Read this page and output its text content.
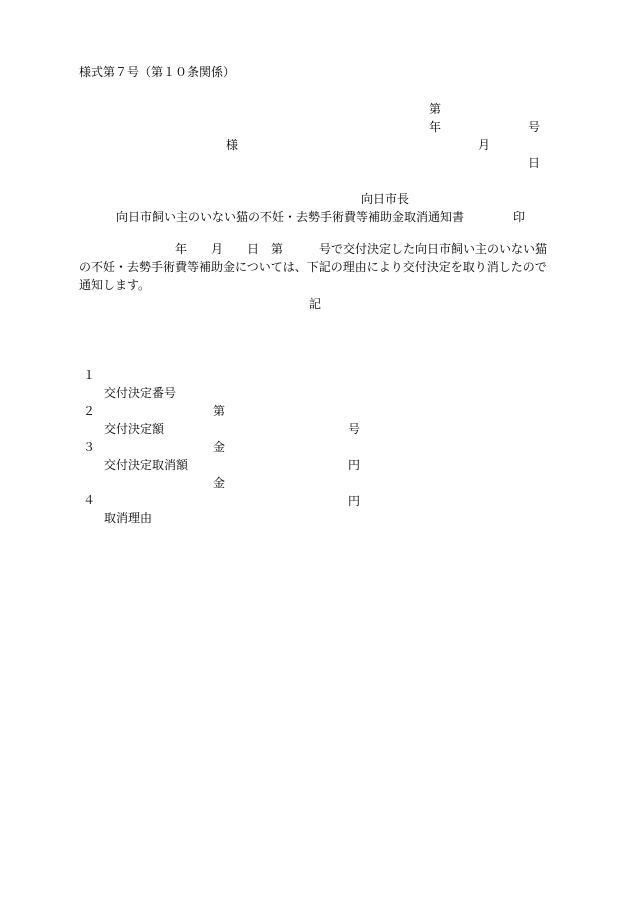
様式第７号（第１０条関係）

第

号

年

月

日

様

向日市長

印

向日市飼い主のいない猫の不妊・去勢手術費等補助金取消通知書
　　　　　　　　年　　月　　日　第　　　号で交付決定した向日市飼い主のいない猫
の不妊・去勢手術費等補助金については、下記の理由により交付決定を取り消したので
通知します。
記

１

交付決定番号

第

号

２

交付決定額

金

円

３

交付決定取消額

金

円

４

取消理由
